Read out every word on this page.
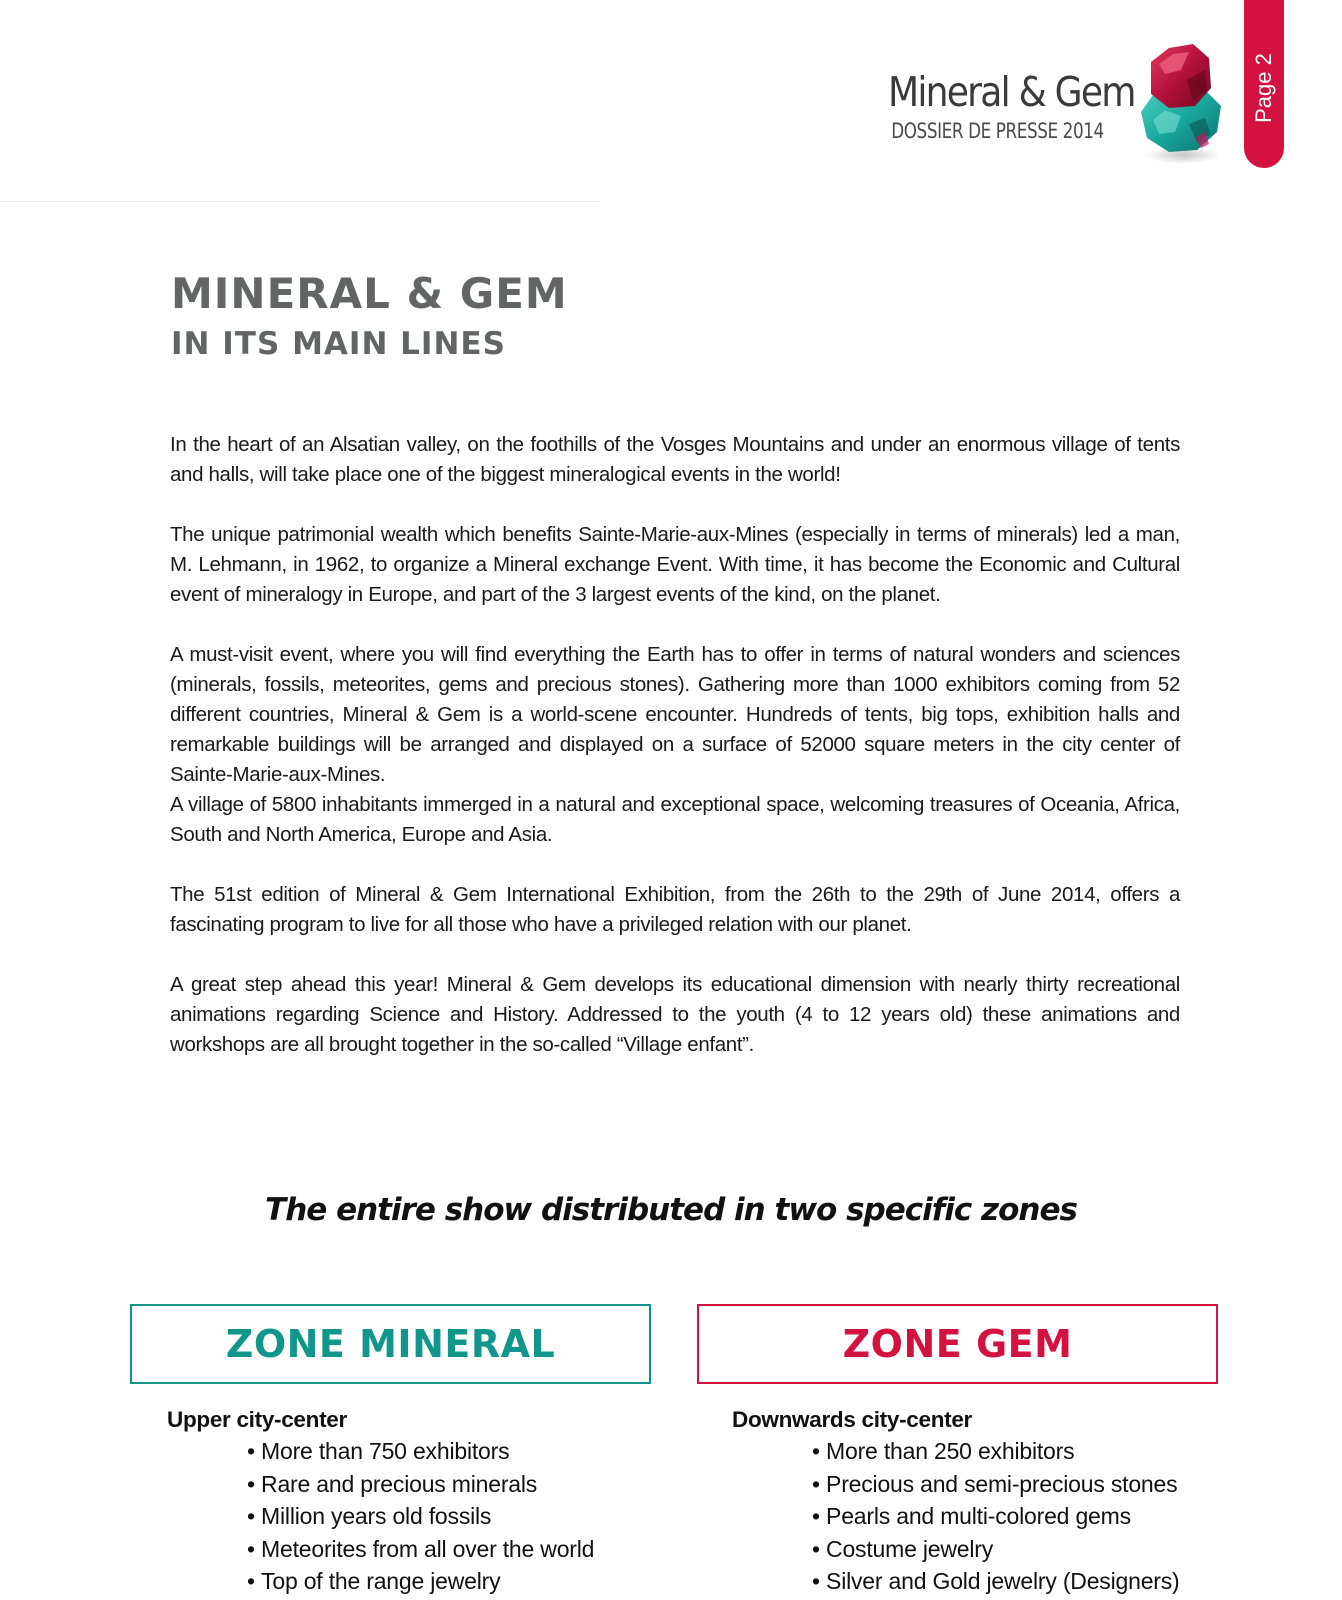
Mineral & Gem
DOSSIER DE PRESSE 2014
Page 2
MINERAL & GEM
IN ITS MAIN LINES

In the heart of an Alsatian valley, on the foothills of the Vosges Mountains and under an enormous village of tents and halls, will take place one of the biggest mineralogical events in the world!

The unique patrimonial wealth which benefits Sainte-Marie-aux-Mines (especially in terms of minerals) led a man, M. Lehmann, in 1962, to organize a Mineral exchange Event. With time, it has become the Economic and Cultural event of mineralogy in Europe, and part of the 3 largest events of the kind, on the planet.

A must-visit event, where you will find everything the Earth has to offer in terms of natural wonders and sciences (minerals, fossils, meteorites, gems and precious stones). Gathering more than 1000 exhibitors coming from 52 different countries, Mineral & Gem is a world-scene encounter. Hundreds of tents, big tops, exhibition halls and remarkable buildings will be arranged and displayed on a surface of 52000 square meters in the city center of Sainte-Marie-aux-Mines.

A village of 5800 inhabitants immerged in a natural and exceptional space, welcoming treasures of Oceania, Africa, South and North America, Europe and Asia.

The 51st edition of Mineral & Gem International Exhibition, from the 26th to the 29th of June 2014, offers a fascinating program to live for all those who have a privileged relation with our planet.

A great step ahead this year! Mineral & Gem develops its educational dimension with nearly thirty recreational animations regarding Science and History. Addressed to the youth (4 to 12 years old) these animations and workshops are all brought together in the so-called “Village enfant”.

The entire show distributed in two specific zones
ZONE MINERAL	ZONE GEM

Upper city-center

• More than 750 exhibitors
• Rare and precious minerals
• Million years old fossils
• Meteorites from all over the world
• Top of the range jewelry

Downwards city-center

• More than 250 exhibitors
• Precious and semi-precious stones
• Pearls and multi-colored gems
• Costume jewelry
• Silver and Gold jewelry (Designers)
